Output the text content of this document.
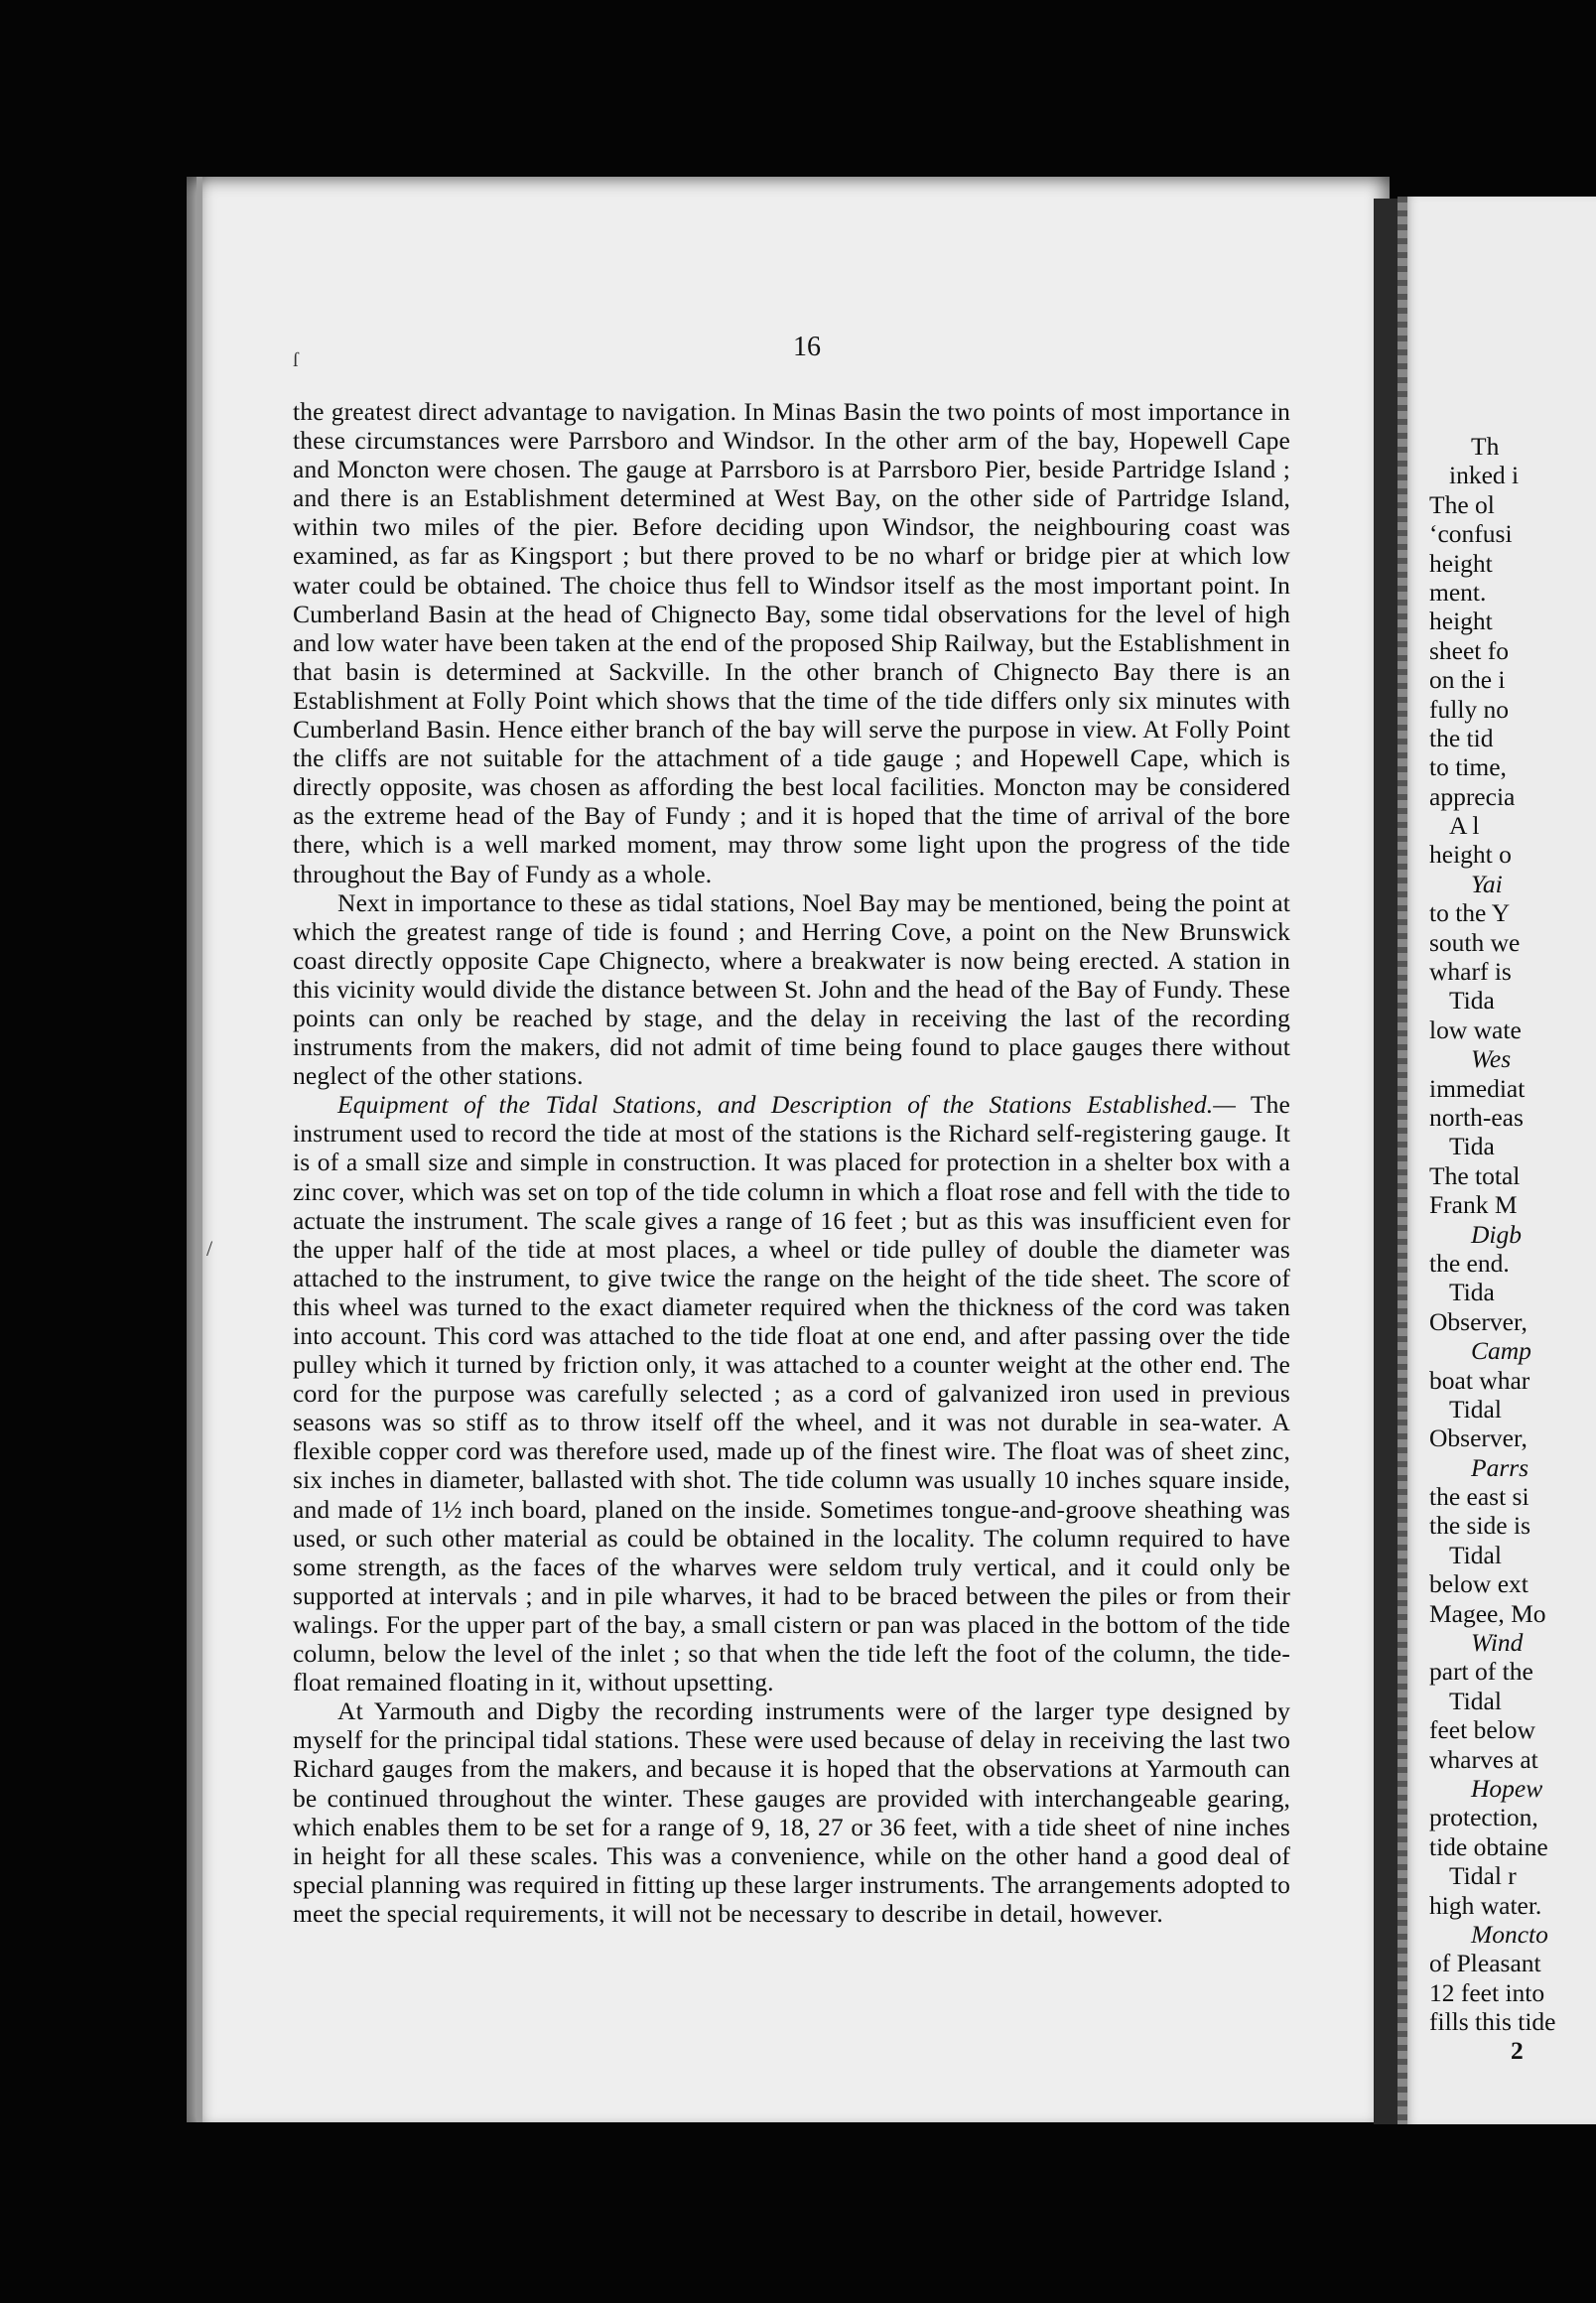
ſ
/
16

the greatest direct advantage to navigation. In Minas Basin the two points of most importance in these circumstances were Parrsboro and Windsor. In the other arm of the bay, Hopewell Cape and Moncton were chosen. The gauge at Parrsboro is at Parrsboro Pier, beside Partridge Island ; and there is an Establishment determined at West Bay, on the other side of Partridge Island, within two miles of the pier. Before deciding upon Windsor, the neighbouring coast was examined, as far as Kingsport ; but there proved to be no wharf or bridge pier at which low water could be obtained. The choice thus fell to Windsor itself as the most important point. In Cumberland Basin at the head of Chignecto Bay, some tidal observations for the level of high and low water have been taken at the end of the proposed Ship Railway, but the Establishment in that basin is determined at Sackville. In the other branch of Chignecto Bay there is an Establishment at Folly Point which shows that the time of the tide differs only six minutes with Cumberland Basin. Hence either branch of the bay will serve the purpose in view. At Folly Point the cliffs are not suitable for the attachment of a tide gauge ; and Hopewell Cape, which is directly opposite, was chosen as affording the best local facilities. Moncton may be considered as the extreme head of the Bay of Fundy ; and it is hoped that the time of arrival of the bore there, which is a well marked moment, may throw some light upon the progress of the tide throughout the Bay of Fundy as a whole.

Next in importance to these as tidal stations, Noel Bay may be mentioned, being the point at which the greatest range of tide is found ; and Herring Cove, a point on the New Brunswick coast directly opposite Cape Chignecto, where a breakwater is now being erected. A station in this vicinity would divide the distance between St. John and the head of the Bay of Fundy. These points can only be reached by stage, and the delay in receiving the last of the recording instruments from the makers, did not admit of time being found to place gauges there without neglect of the other stations.

Equipment of the Tidal Stations, and Description of the Stations Established.— The instrument used to record the tide at most of the stations is the Richard self-registering gauge. It is of a small size and simple in construction. It was placed for protection in a shelter box with a zinc cover, which was set on top of the tide column in which a float rose and fell with the tide to actuate the instrument. The scale gives a range of 16 feet ; but as this was insufficient even for the upper half of the tide at most places, a wheel or tide pulley of double the diameter was attached to the instrument, to give twice the range on the height of the tide sheet. The score of this wheel was turned to the exact diameter required when the thickness of the cord was taken into account. This cord was attached to the tide float at one end, and after passing over the tide pulley which it turned by friction only, it was attached to a counter weight at the other end. The cord for the purpose was carefully selected ; as a cord of galvanized iron used in previous seasons was so stiff as to throw itself off the wheel, and it was not durable in sea-water. A flexible copper cord was therefore used, made up of the finest wire. The float was of sheet zinc, six inches in diameter, ballasted with shot. The tide column was usually 10 inches square inside, and made of 1½ inch board, planed on the inside. Sometimes tongue-and-groove sheathing was used, or such other material as could be obtained in the locality. The column required to have some strength, as the faces of the wharves were seldom truly vertical, and it could only be supported at intervals ; and in pile wharves, it had to be braced between the piles or from their walings. For the upper part of the bay, a small cistern or pan was placed in the bottom of the tide column, below the level of the inlet ; so that when the tide left the foot of the column, the tide-float remained floating in it, without upsetting.

At Yarmouth and Digby the recording instruments were of the larger type designed by myself for the principal tidal stations. These were used because of delay in receiving the last two Richard gauges from the makers, and because it is hoped that the observations at Yarmouth can be continued throughout the winter. These gauges are provided with interchangeable gearing, which enables them to be set for a range of 9, 18, 27 or 36 feet, with a tide sheet of nine inches in height for all these scales. This was a convenience, while on the other hand a good deal of special planning was required in fitting up these larger instruments. The arrangements adopted to meet the special requirements, it will not be necessary to describe in detail, however.

Th
inked i
The ol
‘confusi
height
ment.
height
sheet fo
on the i
fully no
the tid
to time,
apprecia
A l
height o
Yai
to the Y
south we
wharf is
Tida
low wate
Wes
immediat
north-eas
Tida
The total
Frank M
Digb
the end.
Tida
Observer,
Camp
boat whar
Tidal
Observer,
Parrs
the east si
the side is
Tidal
below ext
Magee, Mo
Wind
part of the
Tidal
feet below
wharves at
Hopew
protection,
tide obtaine
Tidal r
high water.
Moncto
of Pleasant
12 feet into
fills this tide
2
